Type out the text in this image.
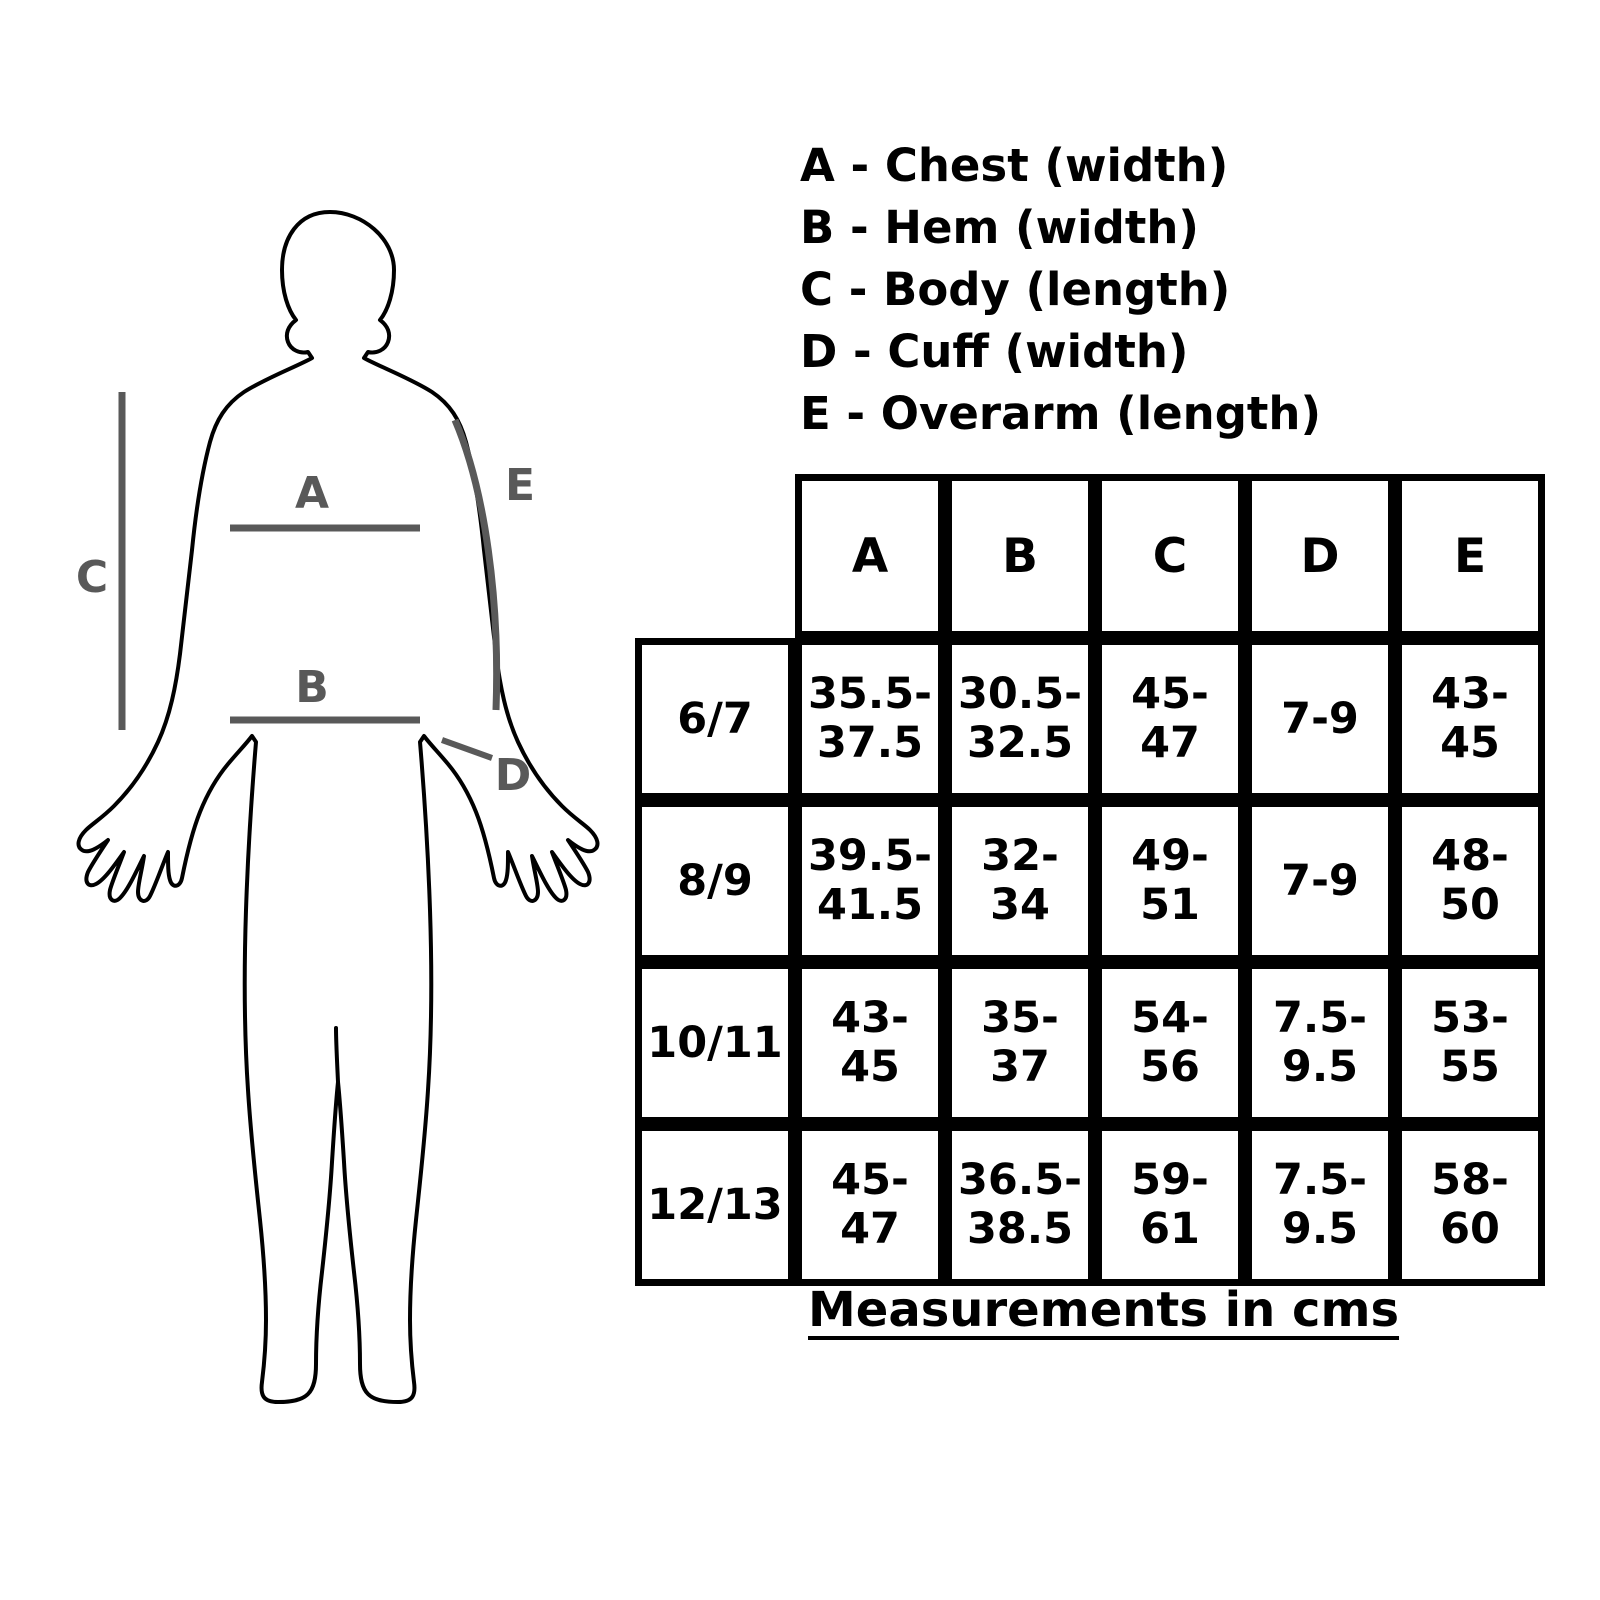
A
B
C
D
E
A - Chest (width)
B - Hem (width)
C - Body (length)
D - Cuff (width)
E - Overarm (length)
	A	B	C	D	E
6/7	35.5-37.5	30.5-32.5	45-47	7-9	43-45
8/9	39.5-41.5	32-34	49-51	7-9	48-50
10/11	43-45	35-37	54-56	7.5-9.5	53-55
12/13	45-47	36.5-38.5	59-61	7.5-9.5	58-60
Measurements in cms
